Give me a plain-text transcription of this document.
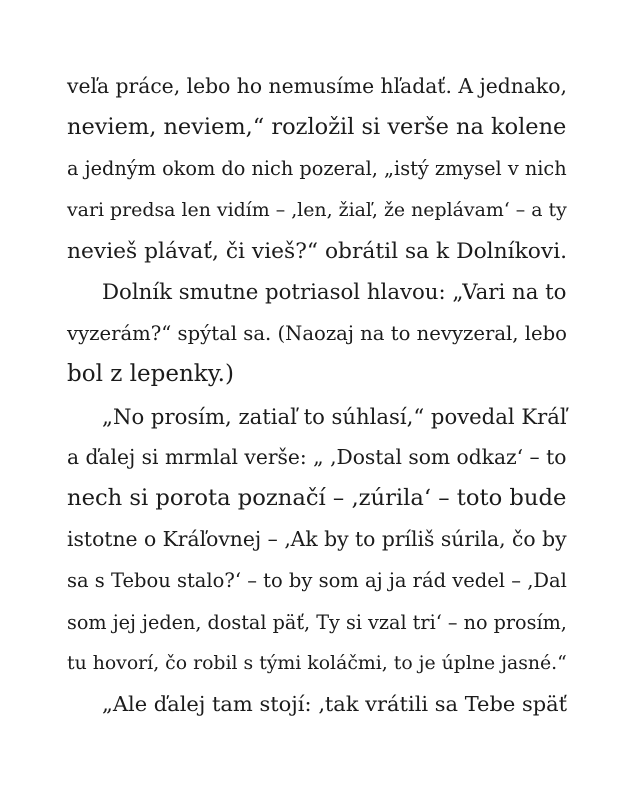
veľa práce, lebo ho nemusíme hľadať. A jednako,
neviem, neviem,“ rozložil si verše na kolene
a jedným okom do nich pozeral, „istý zmysel v nich
vari predsa len vidím – ‚len, žiaľ, že neplávam‘ – a ty
nevieš plávať, či vieš?“ obrátil sa k Dolníkovi.

Dolník smutne potriasol hlavou: „Vari na to
vyzerám?“ spýtal sa. (Naozaj na to nevyzeral, lebo
bol z lepenky.)

„No prosím, zatiaľ to súhlasí,“ povedal Kráľ
a ďalej si mrmlal verše: „ ‚Dostal som odkaz‘ – to
nech si porota poznačí – ‚zúrila‘ – toto bude
istotne o Kráľovnej – ‚Ak by to príliš súrila, čo by
sa s Tebou stalo?‘ – to by som aj ja rád vedel – ‚Dal
som jej jeden, dostal päť, Ty si vzal tri‘ – no prosím,
tu hovorí, čo robil s tými koláčmi, to je úplne jasné.“

„Ale ďalej tam stojí: ‚tak vrátili sa Tebe späť
